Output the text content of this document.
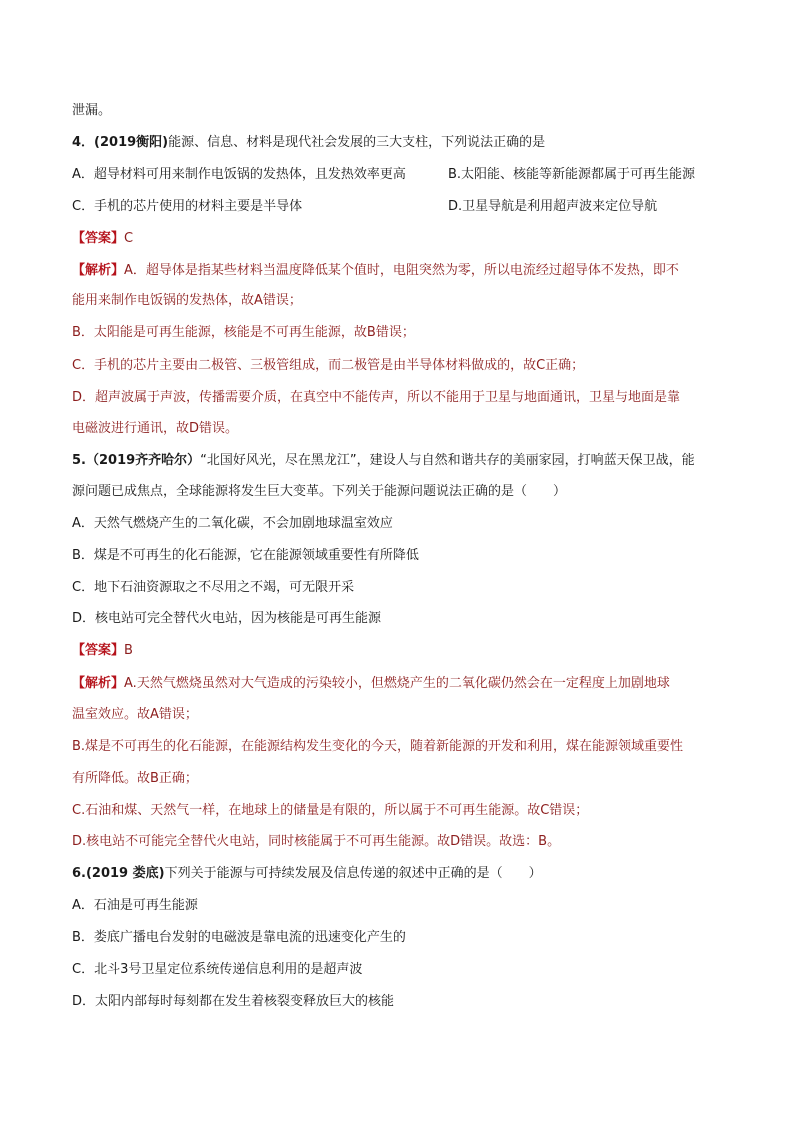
泄漏。
4．(2019衡阳)能源、信息、材料是现代社会发展的三大支柱，下列说法正确的是
A．超导材料可用来制作电饭锅的发热体，且发热效率更高	B.太阳能、核能等新能源都属于可再生能源
C．手机的芯片使用的材料主要是半导体	D.卫星导航是利用超声波来定位导航
【答案】C
【解析】A．超导体是指某些材料当温度降低某个值时，电阻突然为零，所以电流经过超导体不发热，即不
能用来制作电饭锅的发热体，故A错误；
B．太阳能是可再生能源，核能是不可再生能源，故B错误；
C．手机的芯片主要由二极管、三极管组成，而二极管是由半导体材料做成的，故C正确；
D．超声波属于声波，传播需要介质，在真空中不能传声，所以不能用于卫星与地面通讯，卫星与地面是靠
电磁波进行通讯，故D错误。
5.（2019齐齐哈尔）“北国好风光，尽在黑龙江”，建设人与自然和谐共存的美丽家园，打响蓝天保卫战，能
源问题已成焦点，全球能源将发生巨大变革。下列关于能源问题说法正确的是（　　）
A．天然气燃烧产生的二氧化碳，不会加剧地球温室效应
B．煤是不可再生的化石能源，它在能源领域重要性有所降低
C．地下石油资源取之不尽用之不竭，可无限开采
D．核电站可完全替代火电站，因为核能是可再生能源
【答案】B
【解析】A.天然气燃烧虽然对大气造成的污染较小，但燃烧产生的二氧化碳仍然会在一定程度上加剧地球
温室效应。故A错误；
B.煤是不可再生的化石能源，在能源结构发生变化的今天，随着新能源的开发和利用，煤在能源领域重要性
有所降低。故B正确；
C.石油和煤、天然气一样，在地球上的储量是有限的，所以属于不可再生能源。故C错误；
D.核电站不可能完全替代火电站，同时核能属于不可再生能源。故D错误。故选：B。
6.(2019 娄底)下列关于能源与可持续发展及信息传递的叙述中正确的是（　　）
A．石油是可再生能源
B．娄底广播电台发射的电磁波是靠电流的迅速变化产生的
C．北斗3号卫星定位系统传递信息利用的是超声波
D．太阳内部每时每刻都在发生着核裂变释放巨大的核能
